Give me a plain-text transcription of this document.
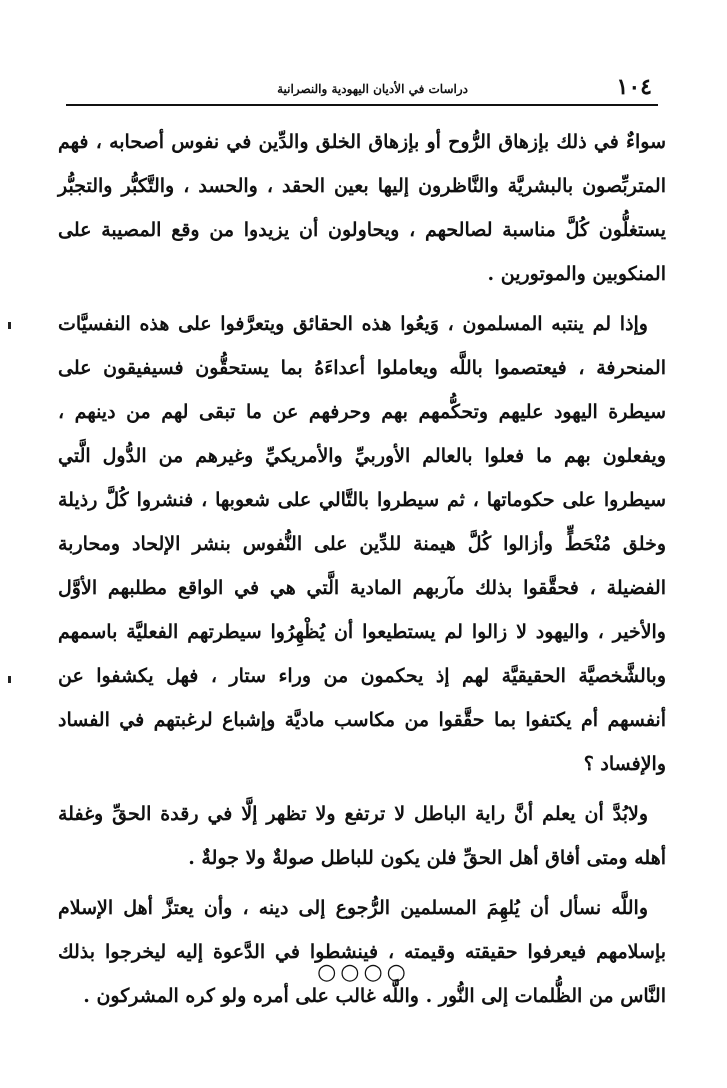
١٠٤
دراسات في الأديان اليهودية والنصرانية

سواءٌ في ذلك بإزهاق الرُّوح أو بإزهاق الخلق والدِّين في نفوس أصحابه ، فهم المتربِّصون بالبشريَّة والنَّاظرون إليها بعين الحقد ، والحسد ، والتَّكبُّر والتجبُّر يستغلُّون كُلَّ مناسبة لصالحهم ، ويحاولون أن يزيدوا من وقع المصيبة على المنكوبين والموتورين .

وإذا لم ينتبه المسلمون ، وَيعُوا هذه الحقائق ويتعرَّفوا على هذه النفسيَّات المنحرفة ، فيعتصموا باللَّه ويعاملوا أعداءَهُ بما يستحقُّون فسيفيقون على سيطرة اليهود عليهم وتحكُّمهم بهم وحرفهم عن ما تبقى لهم من دينهم ، ويفعلون بهم ما فعلوا بالعالم الأوربيِّ والأمريكيِّ وغيرهم من الدُّول الَّتي سيطروا على حكوماتها ، ثم سيطروا بالتَّالي على شعوبها ، فنشروا كُلَّ رذيلة وخلق مُنْحَطٍّ وأزالوا كُلَّ هيمنة للدِّين على النُّفوس بنشر الإلحاد ومحاربة الفضيلة ، فحقَّقوا بذلك مآربهم المادية الَّتي هي في الواقع مطلبهم الأوَّل والأخير ، واليهود لا زالوا لم يستطيعوا أن يُظْهِرُوا سيطرتهم الفعليَّة باسمهم وبالشَّخصيَّة الحقيقيَّة لهم إذ يحكمون من وراء ستار ، فهل يكشفوا عن أنفسهم أم يكتفوا بما حقَّقوا من مكاسب ماديَّة وإشباع لرغبتهم في الفساد والإفساد ؟

ولابُدَّ أن يعلم أنَّ راية الباطل لا ترتفع ولا تظهر إلَّا في رقدة الحقِّ وغفلة أهله ومتى أفاق أهل الحقِّ فلن يكون للباطل صولةٌ ولا جولةٌ .

واللَّه نسأل أن يُلهِمَ المسلمين الرُّجوع إلى دينه ، وأن يعتزَّ أهل الإسلام بإسلامهم فيعرفوا حقيقته وقيمته ، فينشطوا في الدَّعوة إليه ليخرجوا بذلك النَّاس من الظُّلمات إلى النُّور . واللَّه غالب على أمره ولو كره المشركون .

○○○○
